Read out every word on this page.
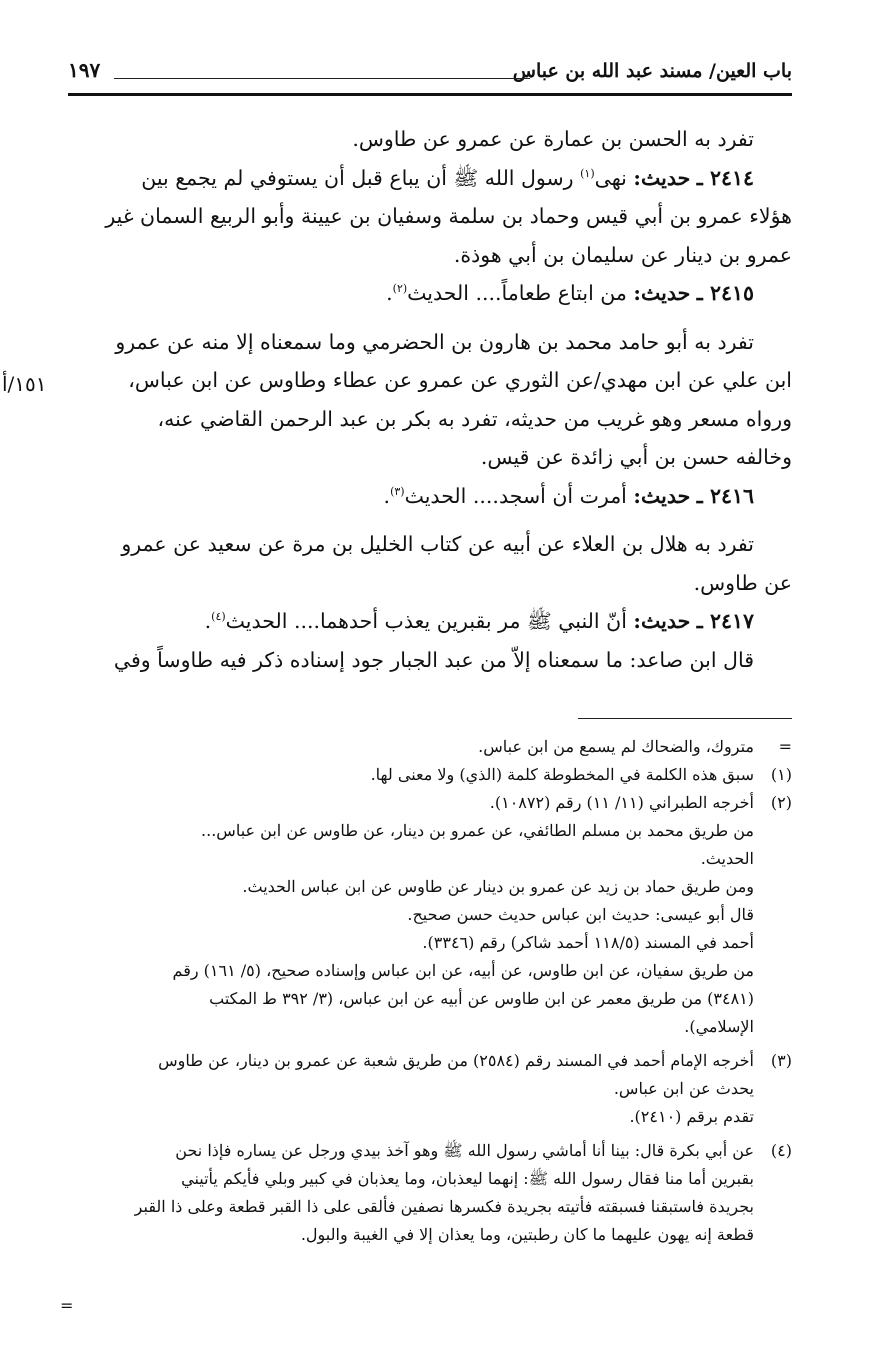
باب العين/ مسند عبد الله بن عباس
١٩٧
١٥١/أ
تفرد به الحسن بن عمارة عن عمرو عن طاوس.
٢٤١٤ ـ حديث: نهى$^{(١)}$ رسول الله ﷺ أن يباع قبل أن يستوفي لم يجمع بين
هؤلاء عمرو بن أبي قيس وحماد بن سلمة وسفيان بن عيينة وأبو الربيع السمان غير
عمرو بن دينار عن سليمان بن أبي هوذة.
٢٤١٥ ـ حديث: من ابتاع طعاماً.... الحديث$^{(٢)}$.
تفرد به أبو حامد محمد بن هارون بن الحضرمي وما سمعناه إلا منه عن عمرو
ابن علي عن ابن مهدي/عن الثوري عن عمرو عن عطاء وطاوس عن ابن عباس،
ورواه مسعر وهو غريب من حديثه، تفرد به بكر بن عبد الرحمن القاضي عنه،
وخالفه حسن بن أبي زائدة عن قيس.
٢٤١٦ ـ حديث: أمرت أن أسجد.... الحديث$^{(٣)}$.
تفرد به هلال بن العلاء عن أبيه عن كتاب الخليل بن مرة عن سعيد عن عمرو
عن طاوس.
٢٤١٧ ـ حديث: أنّ النبي ﷺ مر بقبرين يعذب أحدهما.... الحديث$^{(٤)}$.
قال ابن صاعد: ما سمعناه إلاّ من عبد الجبار جود إسناده ذكر فيه طاوساً وفي
=
متروك، والضحاك لم يسمع من ابن عباس.
(١)
سبق هذه الكلمة في المخطوطة كلمة (الذي) ولا معنى لها.
(٢)
أخرجه الطبراني (١١/ ١١) رقم (١٠٨٧٢).
من طريق محمد بن مسلم الطائفي، عن عمرو بن دينار، عن طاوس عن ابن عباس...
الحديث.
ومن طريق حماد بن زيد عن عمرو بن دينار عن طاوس عن ابن عباس الحديث.
قال أبو عيسى: حديث ابن عباس حديث حسن صحيح.
أحمد في المسند (١١٨/٥ أحمد شاكر) رقم (٣٣٤٦).
من طريق سفيان، عن ابن طاوس، عن أبيه، عن ابن عباس وإسناده صحيح، (٥/ ١٦١) رقم
(٣٤٨١) من طريق معمر عن ابن طاوس عن أبيه عن ابن عباس، (٣/ ٣٩٢ ط المكتب
الإسلامي).
(٣)
أخرجه الإمام أحمد في المسند رقم (٢٥٨٤) من طريق شعبة عن عمرو بن دينار، عن طاوس
يحدث عن ابن عباس.
تقدم برقم (٢٤١٠).
(٤)
عن أبي بكرة قال: بينا أنا أماشي رسول الله ﷺ وهو آخذ بيدي ورجل عن يساره فإذا نحن
بقبرين أما منا فقال رسول الله ﷺ: إنهما ليعذبان، وما يعذبان في كبير وبلي فأيكم يأتيني
بجريدة فاستبقنا فسبقته فأتيته بجريدة فكسرها نصفين فألقى على ذا القبر قطعة وعلى ذا القبر
قطعة إنه يهون عليهما ما كان رطبتين، وما يعذان إلا في الغيبة والبول.
=
